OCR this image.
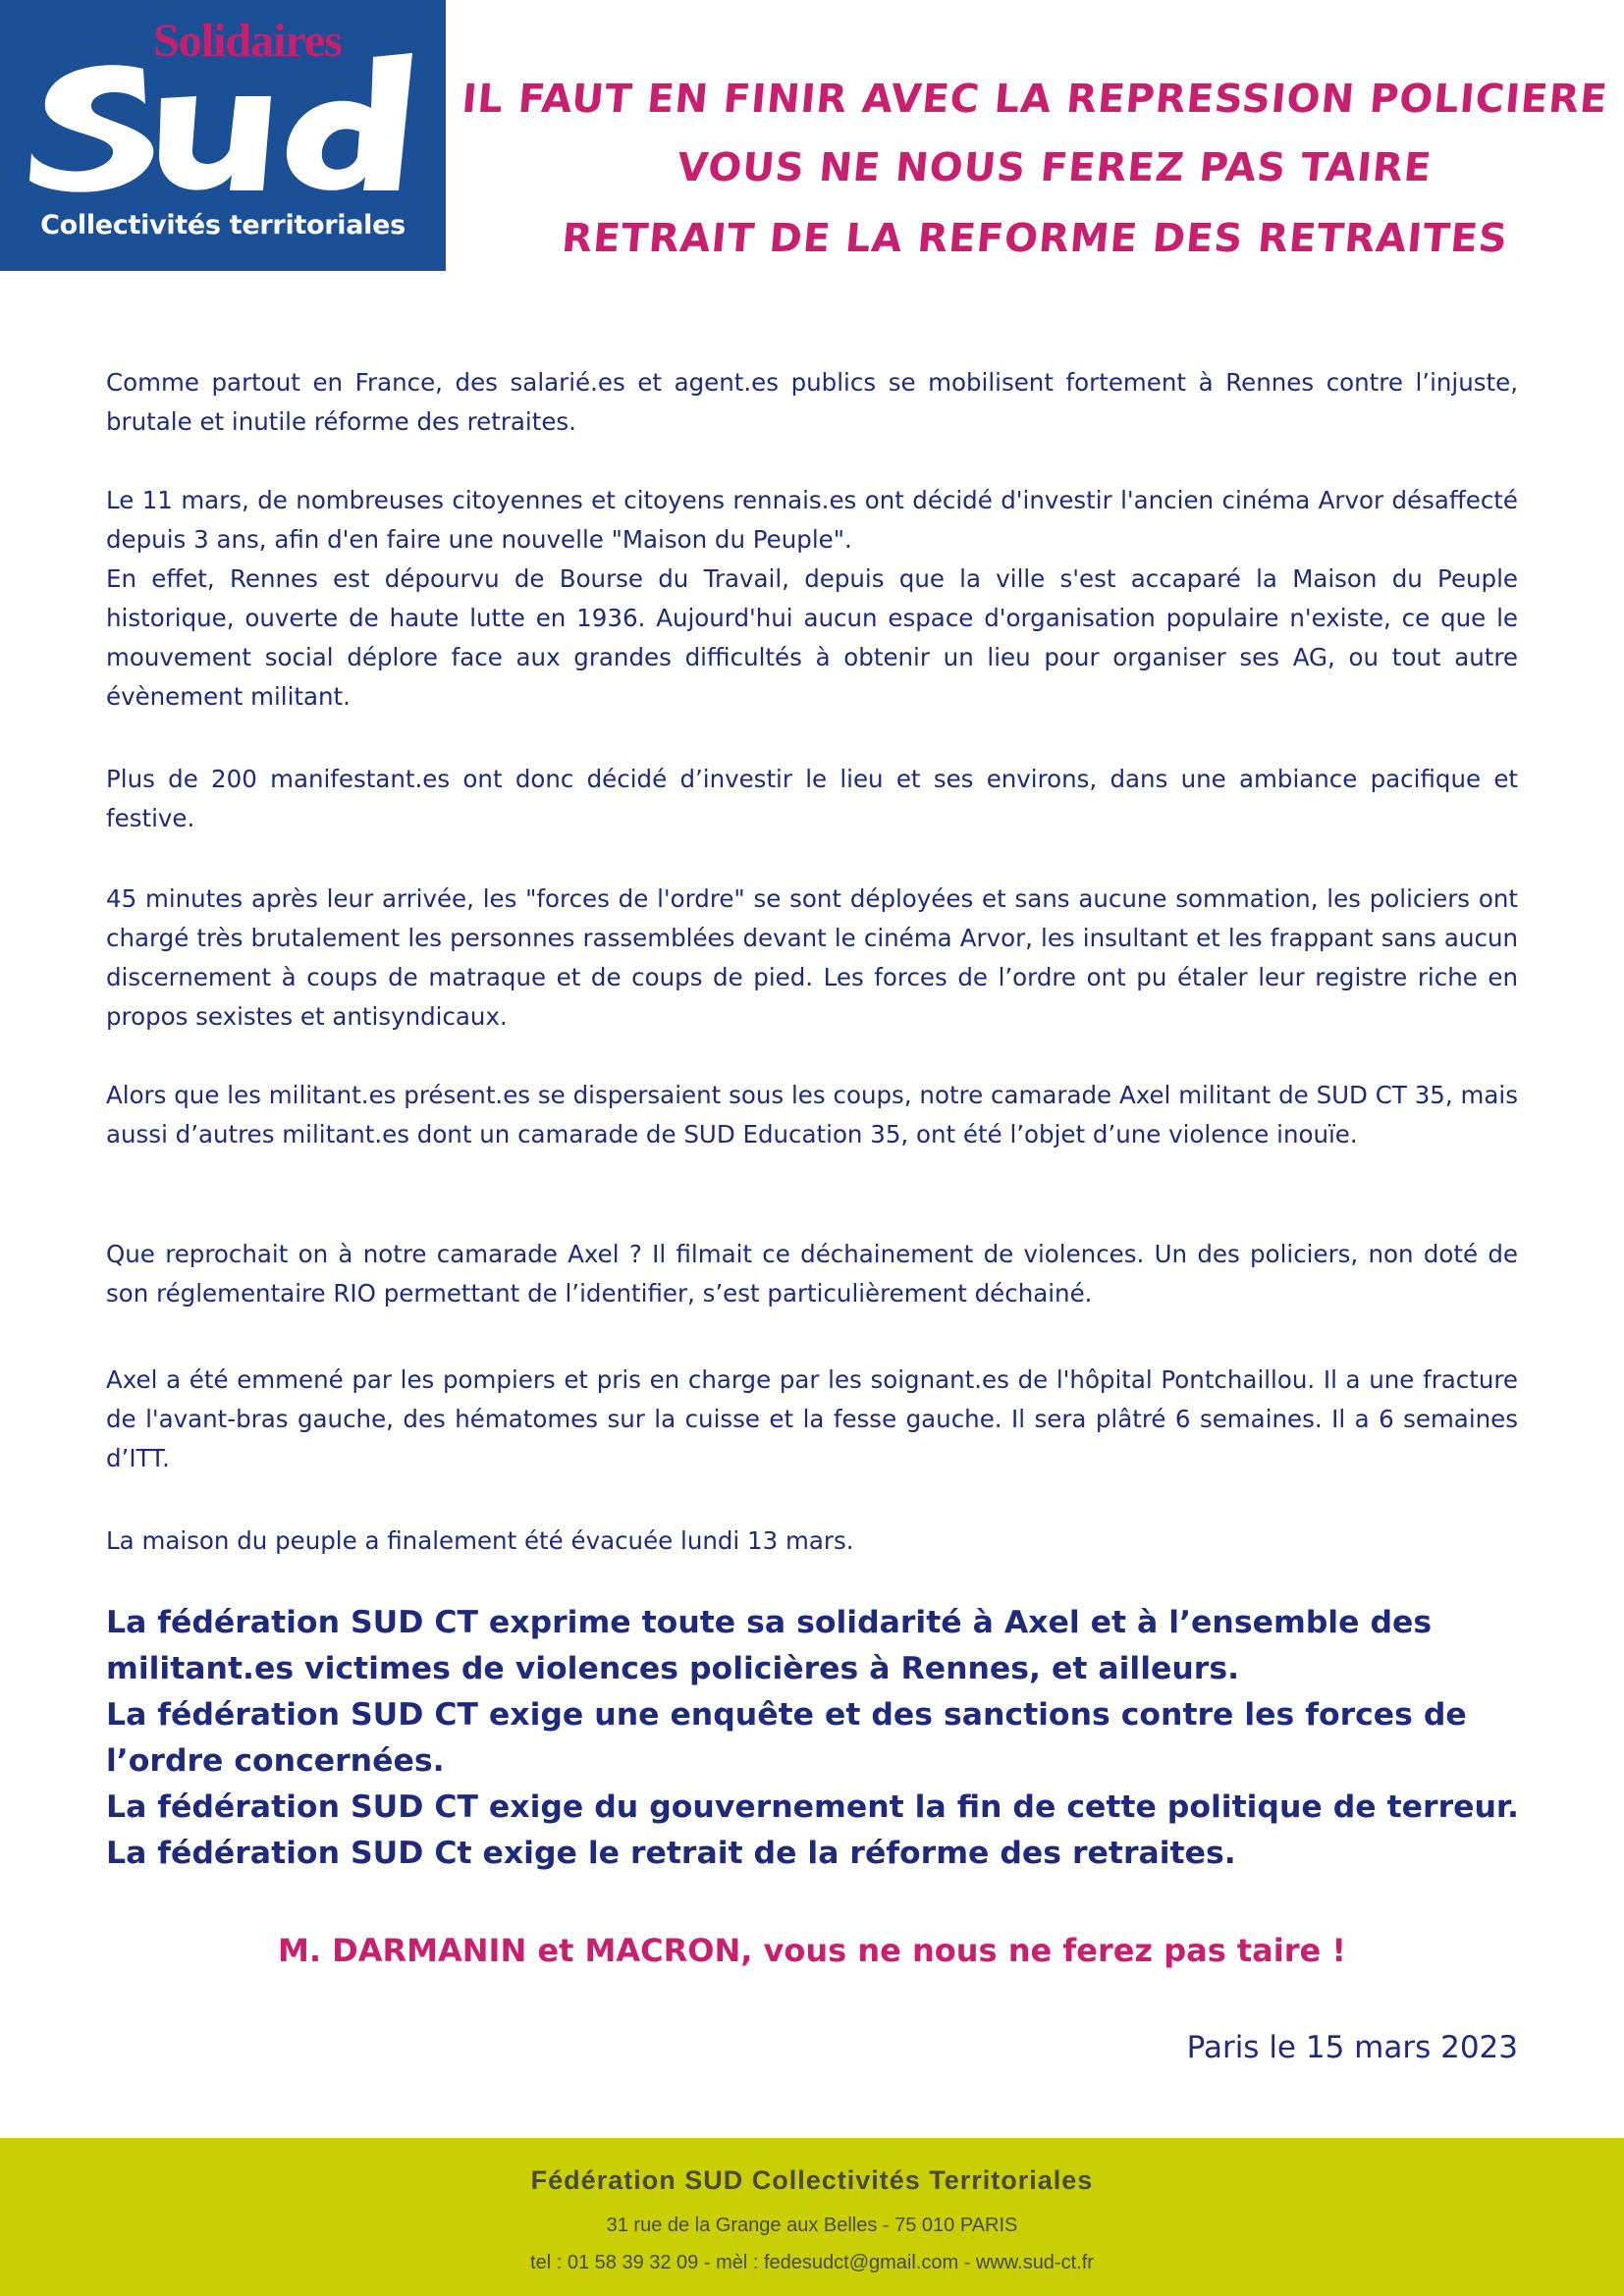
Solidaires
Collectivités territoriales
IL FAUT EN FINIR AVEC LA REPRESSION POLICIERE
VOUS NE NOUS FEREZ PAS TAIRE
RETRAIT DE LA REFORME DES RETRAITES

Comme partout en France, des salarié.es et agent.es publics se mobilisent fortement à Rennes contre l’injuste, brutale et inutile réforme des retraites.

Le 11 mars, de nombreuses citoyennes et citoyens rennais.es ont décidé d'investir l'ancien cinéma Arvor désaffecté depuis 3 ans, afin d'en faire une nouvelle "Maison du Peuple".
En effet, Rennes est dépourvu de Bourse du Travail, depuis que la ville s'est accaparé la Maison du Peuple historique, ouverte de haute lutte en 1936. Aujourd'hui aucun espace d'organisation populaire n'existe, ce que le mouvement social déplore face aux grandes difficultés à obtenir un lieu pour organiser ses AG, ou tout autre évènement militant.

Plus de 200 manifestant.es ont donc décidé d’investir le lieu et ses environs, dans une ambiance pacifique et festive.

45 minutes après leur arrivée, les "forces de l'ordre" se sont déployées et sans aucune sommation, les policiers ont chargé très brutalement les personnes rassemblées devant le cinéma Arvor, les insultant et les frappant sans aucun discernement à coups de matraque et de coups de pied. Les forces de l’ordre ont pu étaler leur registre riche en propos sexistes et antisyndicaux.

Alors que les militant.es présent.es se dispersaient sous les coups, notre camarade Axel militant de SUD CT 35, mais aussi d’autres militant.es dont un camarade de SUD Education 35, ont été l’objet d’une violence inouïe.

Que reprochait on à notre camarade Axel ? Il filmait ce déchainement de violences. Un des policiers, non doté de son réglementaire RIO permettant de l’identifier, s’est particulièrement déchainé.

Axel a été emmené par les pompiers et pris en charge par les soignant.es de l'hôpital Pontchaillou. Il a une fracture de l'avant-bras gauche, des hématomes sur la cuisse et la fesse gauche. Il sera plâtré 6 semaines. Il a 6 semaines d’ITT.

La maison du peuple a finalement été évacuée lundi 13 mars.

La fédération SUD CT exprime toute sa solidarité à Axel et à l’ensemble des militant.es victimes de violences policières à Rennes, et ailleurs.

La fédération SUD CT exige une enquête et des sanctions contre les forces de l’ordre concernées.

La fédération SUD CT exige du gouvernement la fin de cette politique de terreur.

La fédération SUD Ct exige le retrait de la réforme des retraites.

M. DARMANIN et MACRON, vous ne nous ne ferez pas taire !
Paris le 15 mars 2023
Fédération SUD Collectivités Territoriales
31 rue de la Grange aux Belles - 75 010 PARIS
tel : 01 58 39 32 09 - mèl : fedesudct@gmail.com - www.sud-ct.fr
